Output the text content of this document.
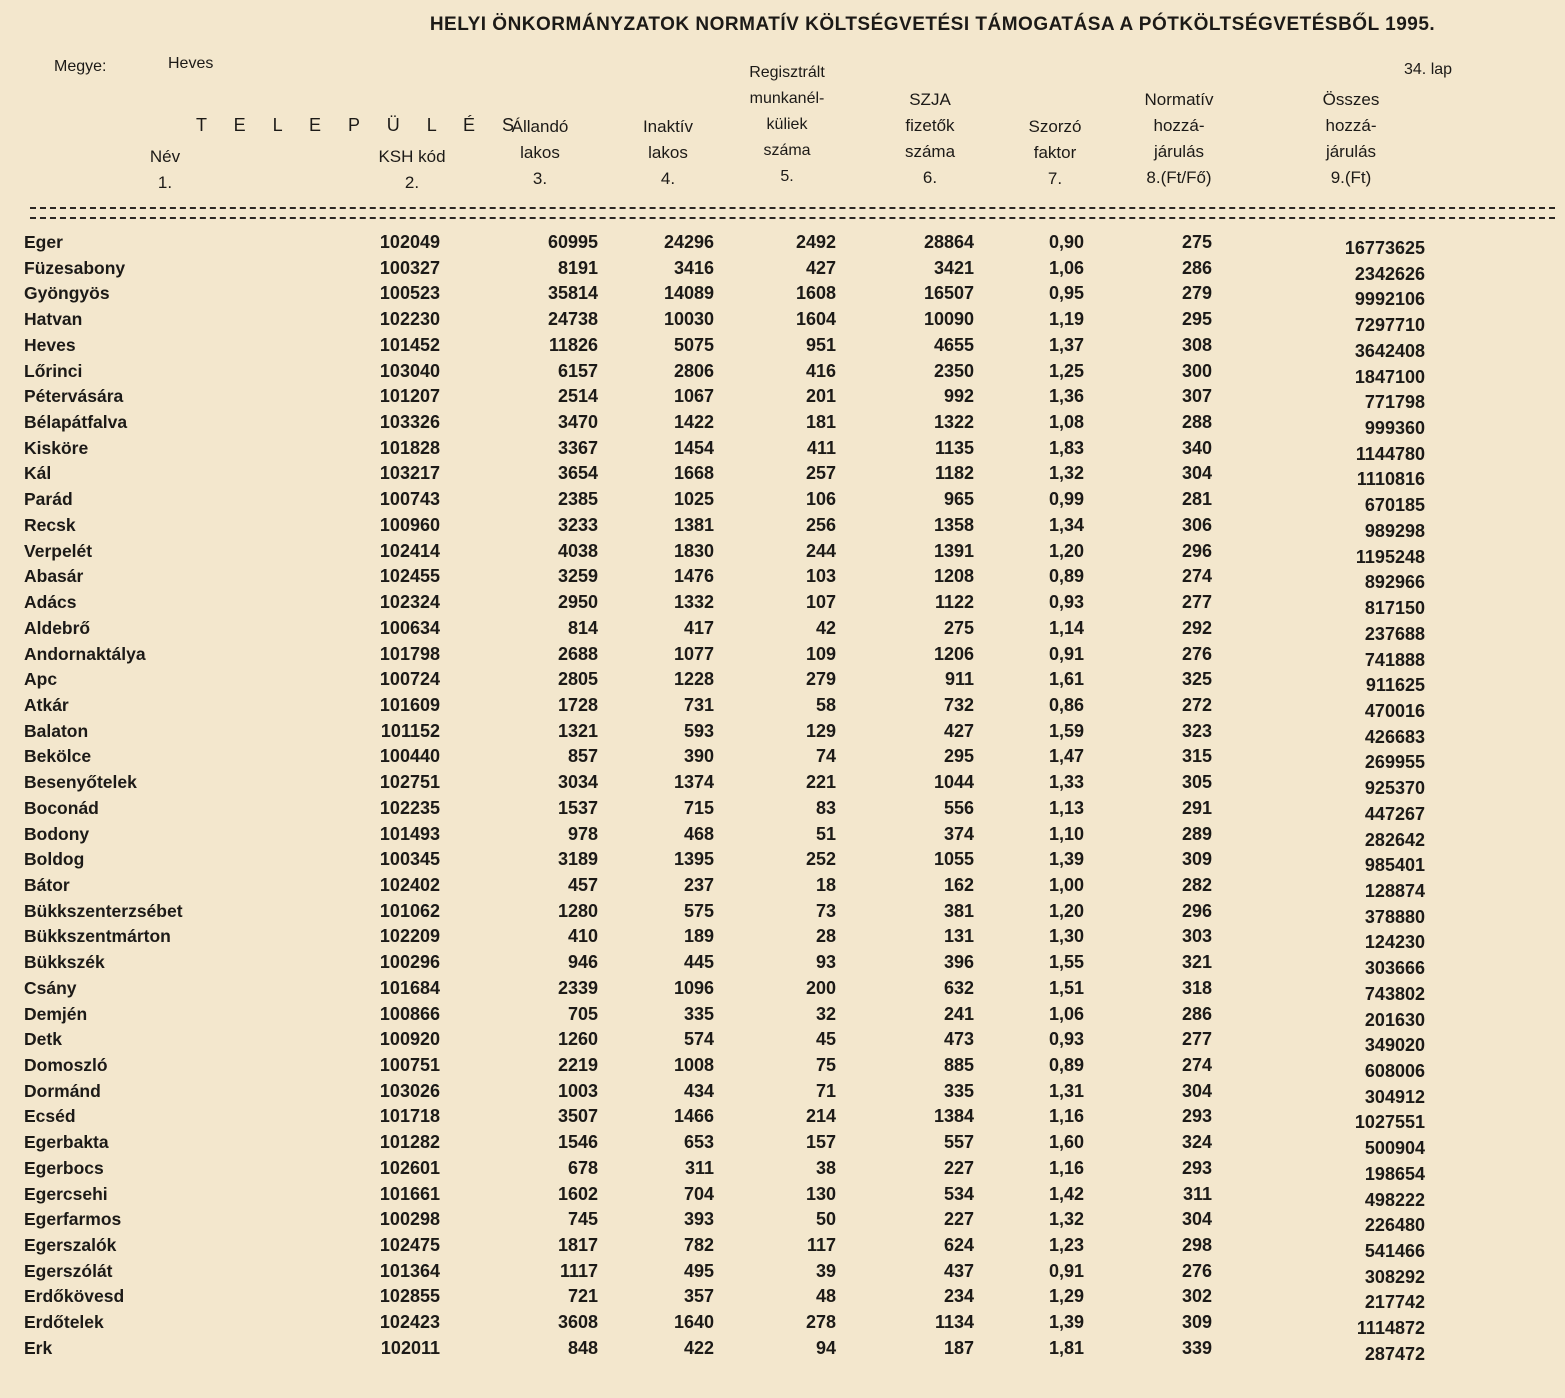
HELYI ÖNKORMÁNYZATOK NORMATÍV KÖLTSÉGVETÉSI TÁMOGATÁSA A PÓTKÖLTSÉGVETÉSBŐL 1995.
Megye:	Heves	34. lap
T E L E P Ü L É S
Név
1.
KSH kód
2.
Állandó
lakos
3.
Inaktív
lakos
4.
Regisztrált
munkanél-
küliek
száma
5.
SZJA
fizetők
száma
6.
Szorzó
faktor
7.
Normatív
hozzá-
járulás
8.(Ft/Fő)
Összes
hozzá-
járulás
9.(Ft)
Eger	102049	60995	24296	2492	28864	0,90	275	16773625
Füzesabony	100327	8191	3416	427	3421	1,06	286	2342626
Gyöngyös	100523	35814	14089	1608	16507	0,95	279	9992106
Hatvan	102230	24738	10030	1604	10090	1,19	295	7297710
Heves	101452	11826	5075	951	4655	1,37	308	3642408
Lőrinci	103040	6157	2806	416	2350	1,25	300	1847100
Pétervására	101207	2514	1067	201	992	1,36	307	771798
Bélapátfalva	103326	3470	1422	181	1322	1,08	288	999360
Kisköre	101828	3367	1454	411	1135	1,83	340	1144780
Kál	103217	3654	1668	257	1182	1,32	304	1110816
Parád	100743	2385	1025	106	965	0,99	281	670185
Recsk	100960	3233	1381	256	1358	1,34	306	989298
Verpelét	102414	4038	1830	244	1391	1,20	296	1195248
Abasár	102455	3259	1476	103	1208	0,89	274	892966
Adács	102324	2950	1332	107	1122	0,93	277	817150
Aldebrő	100634	814	417	42	275	1,14	292	237688
Andornaktálya	101798	2688	1077	109	1206	0,91	276	741888
Apc	100724	2805	1228	279	911	1,61	325	911625
Atkár	101609	1728	731	58	732	0,86	272	470016
Balaton	101152	1321	593	129	427	1,59	323	426683
Bekölce	100440	857	390	74	295	1,47	315	269955
Besenyőtelek	102751	3034	1374	221	1044	1,33	305	925370
Boconád	102235	1537	715	83	556	1,13	291	447267
Bodony	101493	978	468	51	374	1,10	289	282642
Boldog	100345	3189	1395	252	1055	1,39	309	985401
Bátor	102402	457	237	18	162	1,00	282	128874
Bükkszenterzsébet	101062	1280	575	73	381	1,20	296	378880
Bükkszentmárton	102209	410	189	28	131	1,30	303	124230
Bükkszék	100296	946	445	93	396	1,55	321	303666
Csány	101684	2339	1096	200	632	1,51	318	743802
Demjén	100866	705	335	32	241	1,06	286	201630
Detk	100920	1260	574	45	473	0,93	277	349020
Domoszló	100751	2219	1008	75	885	0,89	274	608006
Dormánd	103026	1003	434	71	335	1,31	304	304912
Ecséd	101718	3507	1466	214	1384	1,16	293	1027551
Egerbakta	101282	1546	653	157	557	1,60	324	500904
Egerbocs	102601	678	311	38	227	1,16	293	198654
Egercsehi	101661	1602	704	130	534	1,42	311	498222
Egerfarmos	100298	745	393	50	227	1,32	304	226480
Egerszalók	102475	1817	782	117	624	1,23	298	541466
Egerszólát	101364	1117	495	39	437	0,91	276	308292
Erdőkövesd	102855	721	357	48	234	1,29	302	217742
Erdőtelek	102423	3608	1640	278	1134	1,39	309	1114872
Erk	102011	848	422	94	187	1,81	339	287472
